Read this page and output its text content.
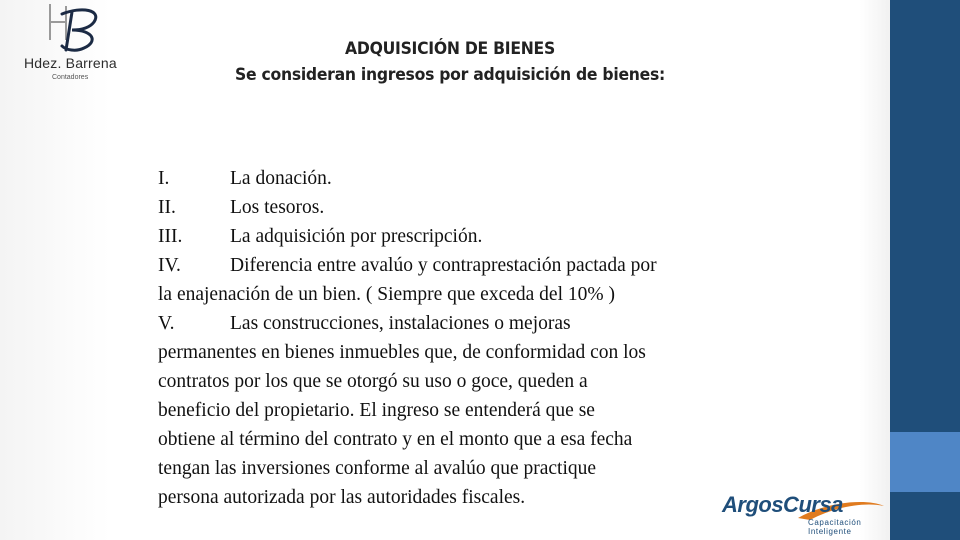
Hdez. Barrena
Contadores
ADQUISICIÓN DE BIENES
Se consideran ingresos por adquisición de bienes:
I.	La donación.
II.	Los tesoros.
III. La adquisición por prescripción.
IV.	Diferencia entre avalúo y contraprestación pactada por
la enajenación de un bien. ( Siempre que exceda del 10% )
V.	Las construcciones, instalaciones o mejoras
permanentes en bienes inmuebles que, de conformidad con los
contratos por los que se otorgó su uso o goce, queden a
beneficio del propietario. El ingreso se entenderá que se
obtiene al término del contrato y en el monto que a esa fecha
tengan las inversiones conforme al avalúo que practique
persona autorizada por las autoridades fiscales.	ArgosCursa
Capacitación
Inteligente
